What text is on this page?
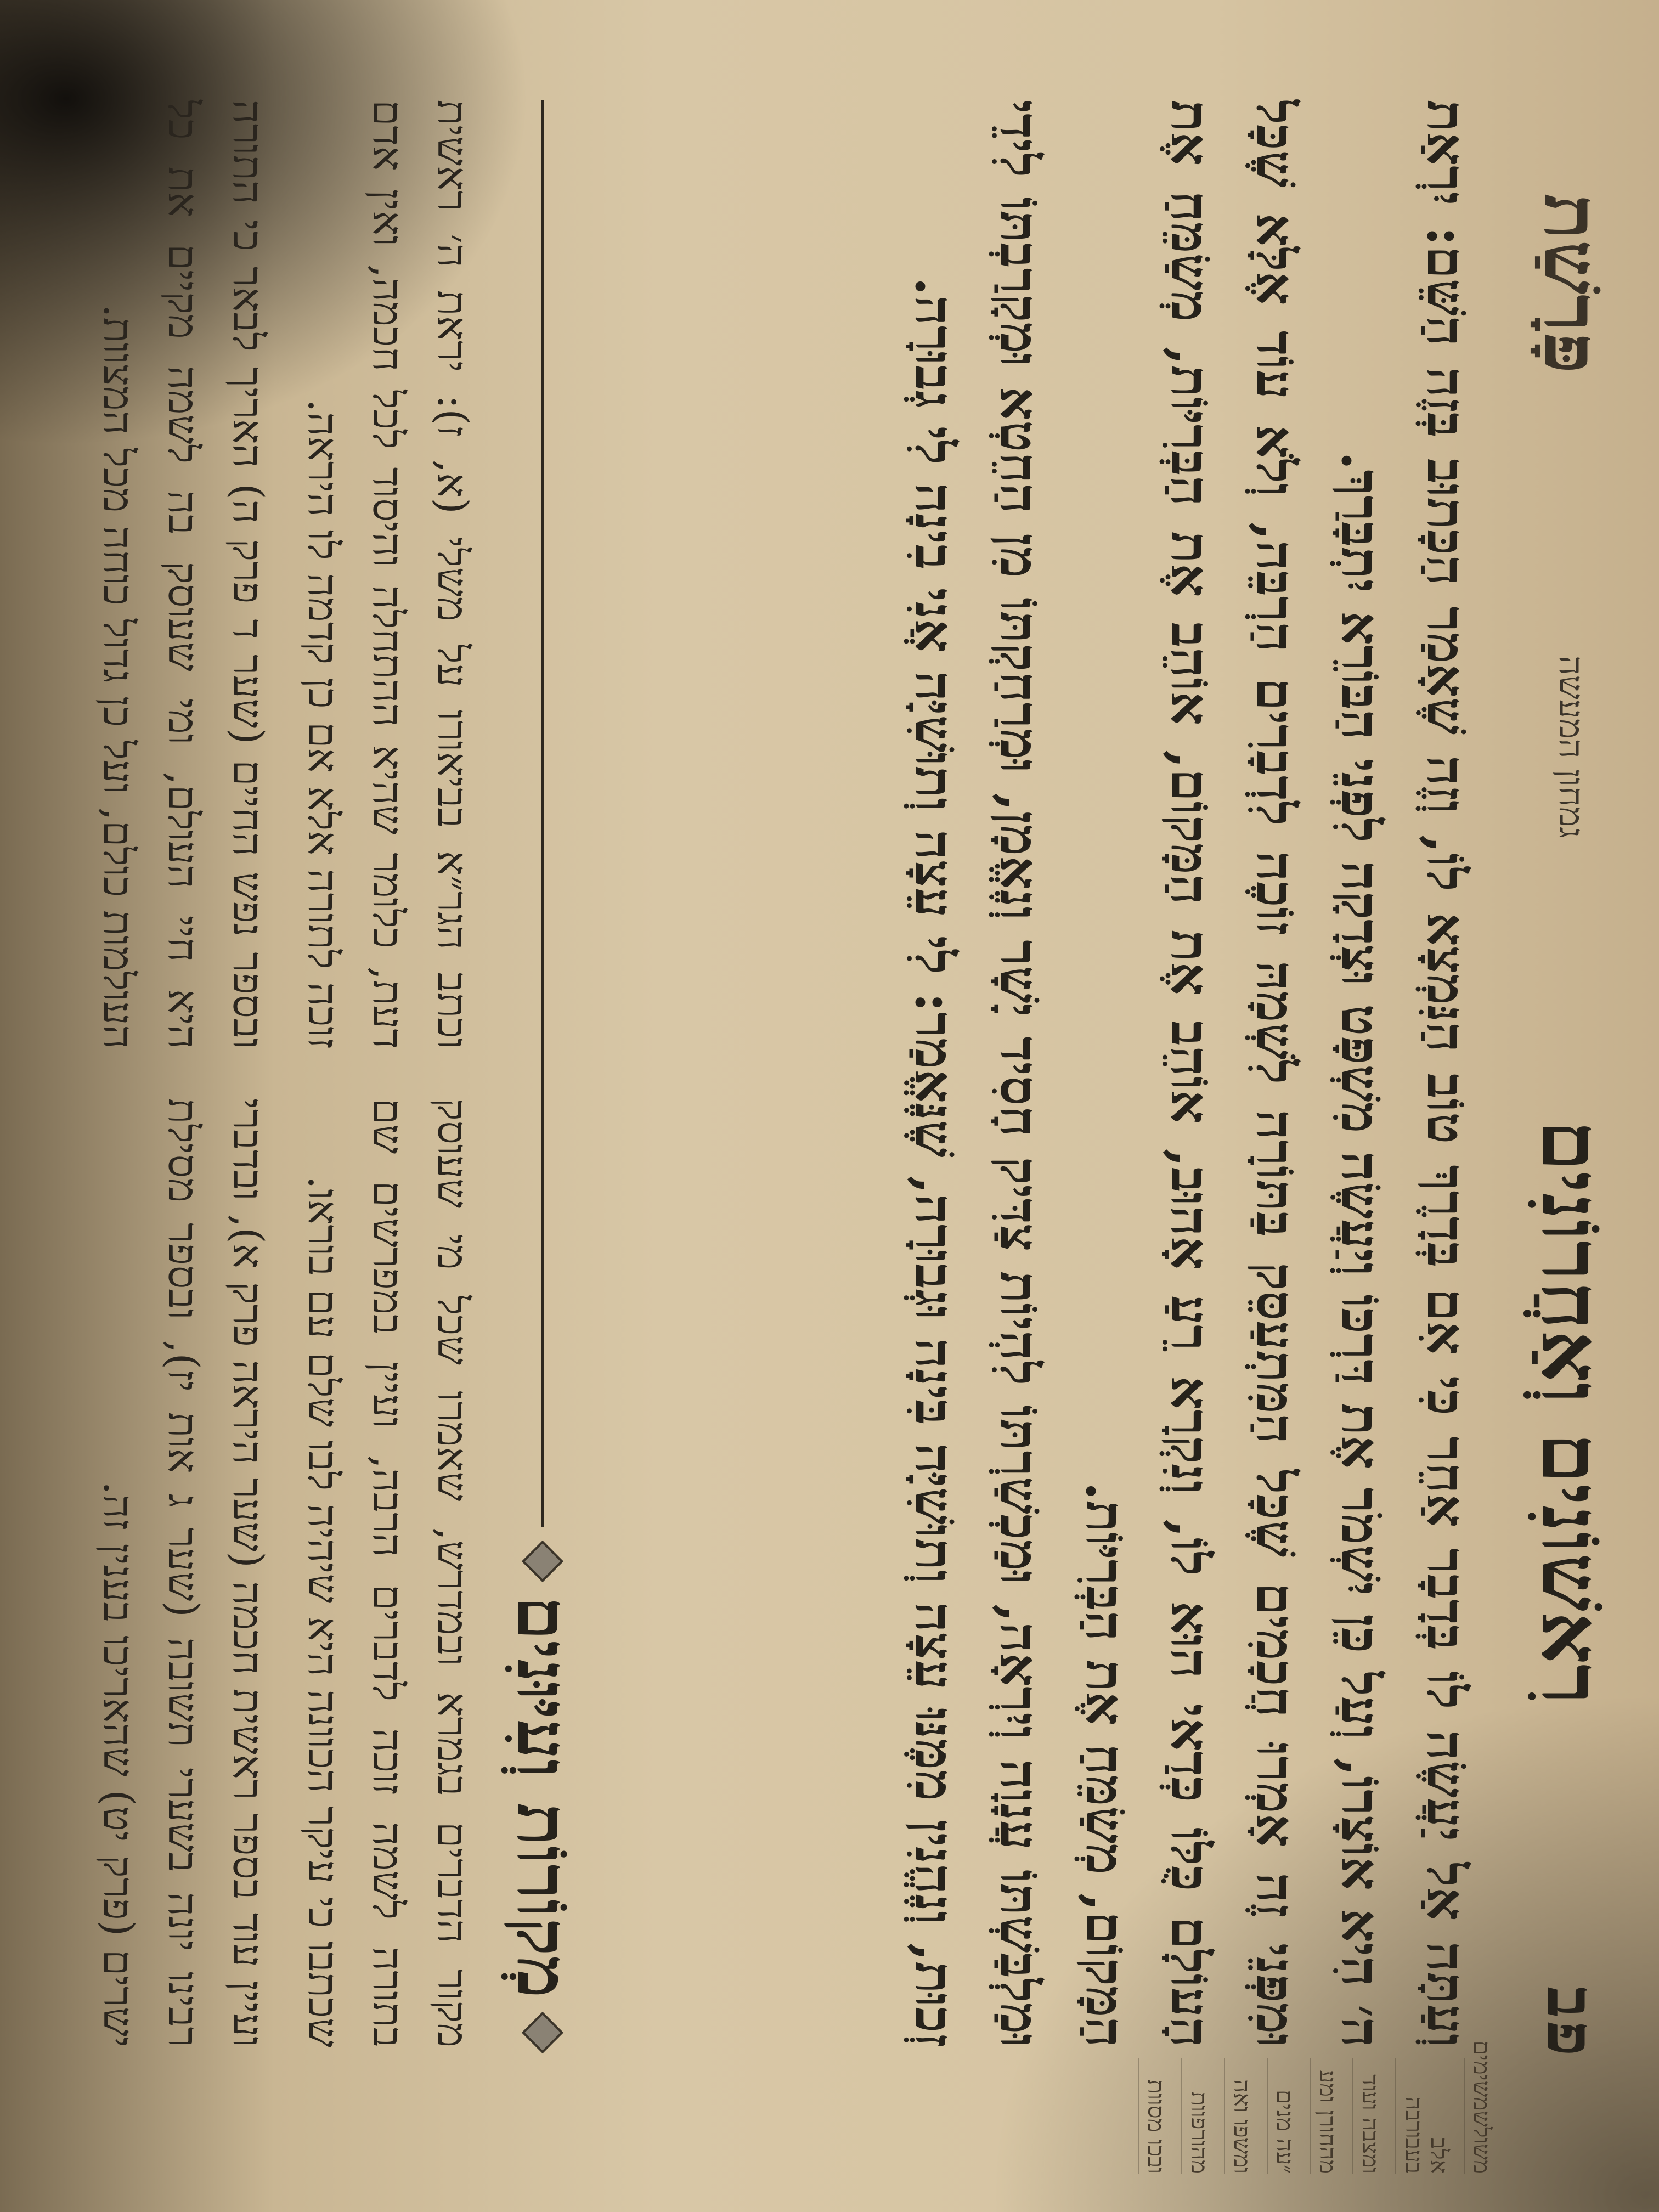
פב
רִאשׁוֹנִים וְאַחֲרוֹנִים
גמחון המעשה
פָּרָשַׁת
משולשמשימים
אלב בעבורבה
ומצבה ועוד
מהחורן ומע
״עה מנים
ומשפו ואה
מהורפוות
ובכו מסוות

וְעַתָּה אַל יַעֲשֶׂה לוֹ בְּדָבָר אַחֵר כִּי אִם בְּדָרֶךְ טוֹב הַנִּמְצָא לוֹ, וְזֶה שֶׁאָמַר הַכָּתוּב בְּזֶה הַשֵּׁם: יִרְאַת ה׳ הִיא אוֹצָרוֹ, וְעַל כֵּן יִשְׁמֹר אֶת דַּרְכּוֹ וְיַעֲשֶׂה מִשְׁפָּט וּצְדָקָה לִפְנֵי הַבּוֹרֵא יִתְבָּרַךְ.

וּמִפְּנֵי זֶה אָמְרוּ חֲכָמִים שֶׁכָּל הַמִּתְעַסֵּק בַּתּוֹרָה לִשְׁמָהּ זוֹכֶה לִדְבָרִים הַרְבֵּה, וְלֹא עוֹד אֶלָּא שֶׁכָּל הָעוֹלָם כֻּלּוֹ כְּדַאי הוּא לוֹ, וְנִקְרָא רֵעַ אָהוּב, אוֹהֵב אֶת הַמָּקוֹם, אוֹהֵב אֶת הַבְּרִיּוֹת, מְשַׂמֵּחַ אֶת הַמָּקוֹם, מְשַׂמֵּחַ אֶת הַבְּרִיּוֹת.

וּמַלְבַּשְׁתּוֹ עֲנָוָה וְיִרְאָה, וּמַכְשַׁרְתּוֹ לִהְיוֹת צַדִּיק חָסִיד יָשָׁר וְנֶאֱמָן, וּמְרַחַקְתּוֹ מִן הַחֵטְא וּמְקָרַבְתּוֹ לִידֵי זְכוּת, וְנֶהֱנִין מִמֶּנּוּ עֵצָה וְתוּשִׁיָּה בִּינָה וּגְבוּרָה, שֶׁנֶּאֱמַר: לִי עֵצָה וְתוּשִׁיָּה אֲנִי בִינָה לִי גְבוּרָה.

מְקוֹרוֹת וְעִיּוּנִים

מקור הדברים בגמרא ובמדרש, שאמרו שכל מי שעוסק בתורה לשמה זוכה לדברים הרבה, ועיין במפרשים שם שכתבו כי עיקר הכוונה היא שיהיה לבו שלם עם בוראו.

ועיין עוד בספר ראשית חכמה (שער היראה פרק א), ובדברי רבינו יונה בשערי תשובה (שער ג אות יז), ובספר מסילת ישרים (פרק יט) שהאריכו בענין זה.

וכתב הגר״א בביאורו על משלי (א, ז): יראת ה׳ ראשית דעת, כלומר שהיא ההתחלה והיסוד לכל חכמה, ואין אדם זוכה לתורה אלא אם כן קדמה לו היראה.

ובספר נפש החיים (שער ד פרק ה) האריך לבאר כי התורה היא חיי העולם, ומי שעוסק בה לשמה מקיים את כל העולמות כולם, ועל כן גדול כוחה מכל המצוות.
